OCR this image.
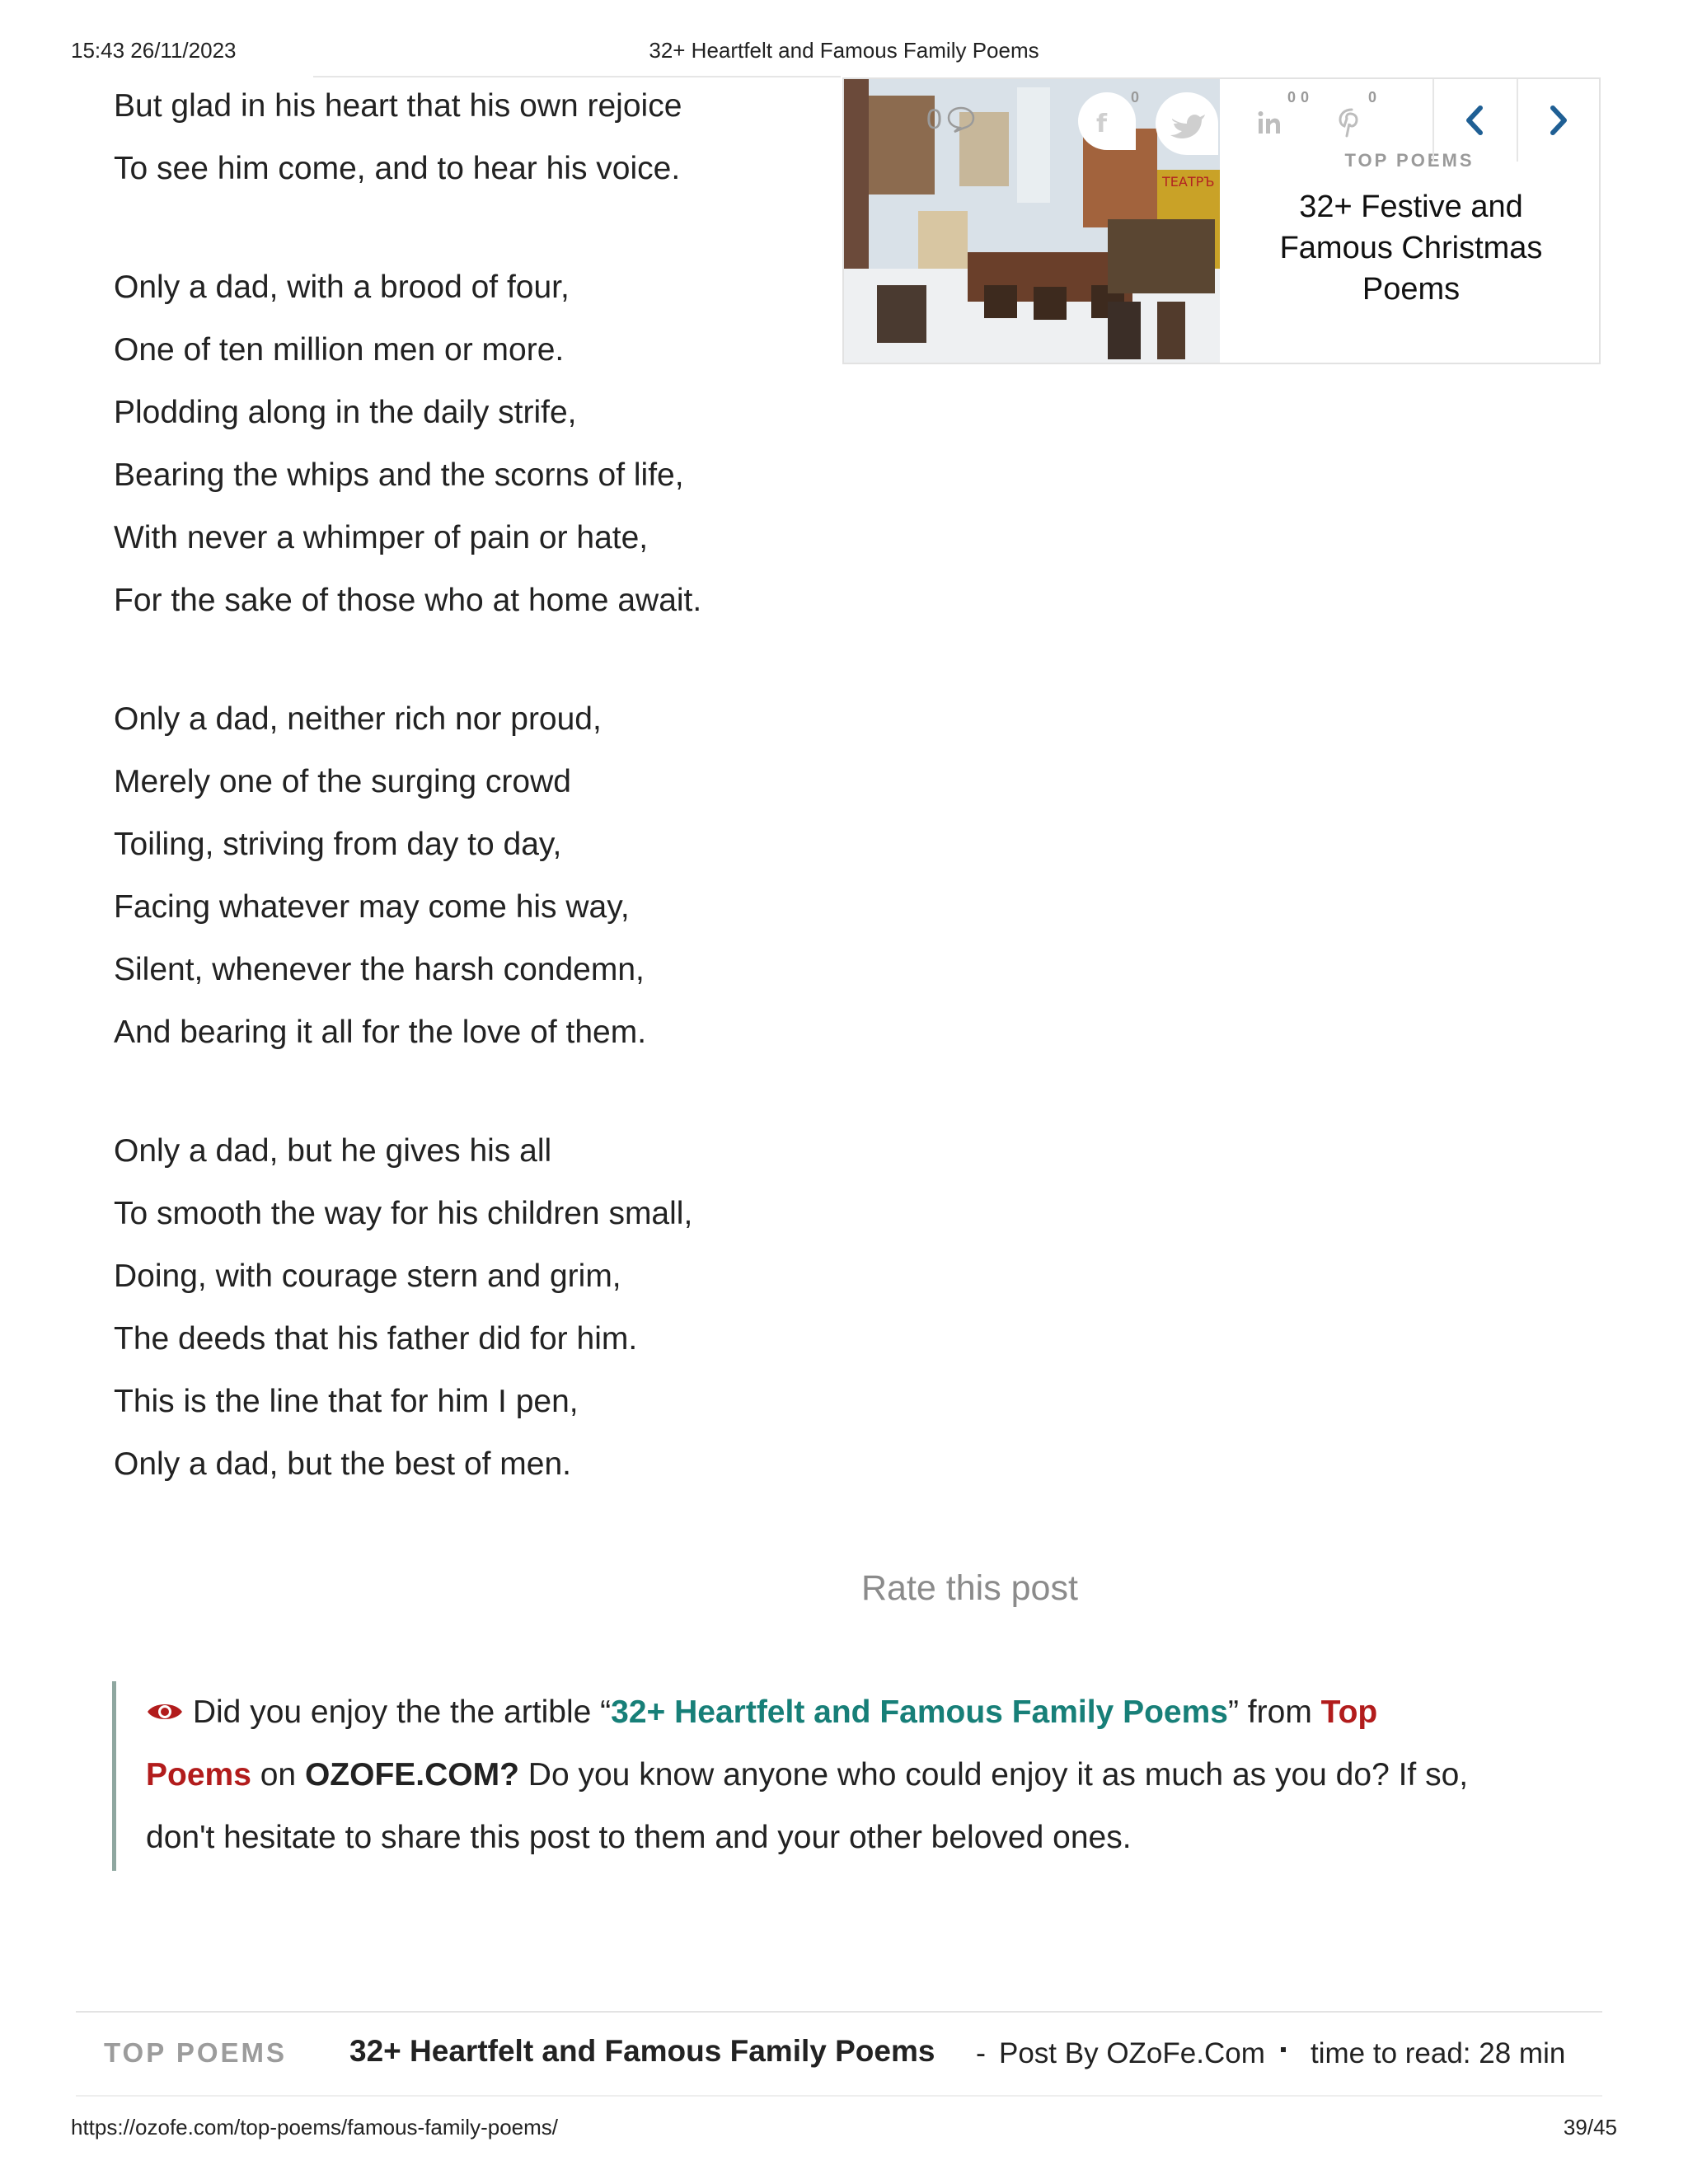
15:43 26/11/2023	32+ Heartfelt and Famous Family Poems
But glad in his heart that his own rejoice
To see him come, and to hear his voice.
Only a dad, with a brood of four,
One of ten million men or more.
Plodding along in the daily strife,
Bearing the whips and the scorns of life,
With never a whimper of pain or hate,
For the sake of those who at home await.
Only a dad, neither rich nor proud,
Merely one of the surging crowd
Toiling, striving from day to day,
Facing whatever may come his way,
Silent, whenever the harsh condemn,
And bearing it all for the love of them.
Only a dad, but he gives his all
To smooth the way for his children small,
Doing, with courage stern and grim,
The deeds that his father did for him.
This is the line that for him I pen,
Only a dad, but the best of men.
ТЕАТРЪ
TOP POEMS
32+ Festive and Famous Christmas Poems
0	f
0	0	0
0
Rate this post
Did you enjoy the the artible “32+ Heartfelt and Famous Family Poems” from Top
Poems on OZOFE.COM? Do you know anyone who could enjoy it as much as you do? If so,
don't hesitate to share this post to them and your other beloved ones.
TOP POEMS 32+ Heartfelt and Famous Family Poems - Post By OZoFe.Com time to read: 28 min
https://ozofe.com/top-poems/famous-family-poems/	39/45
